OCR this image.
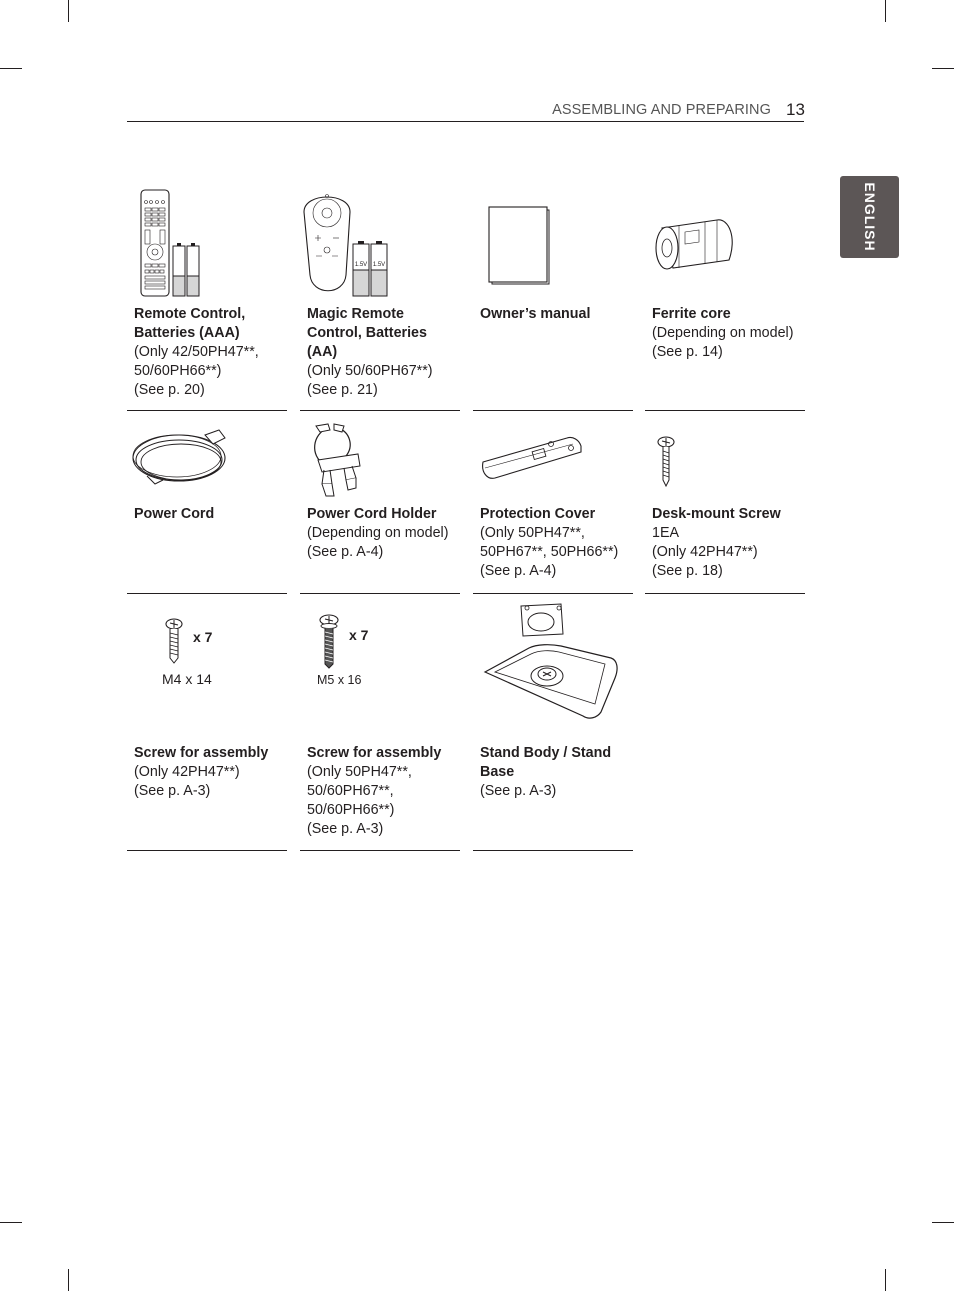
ASSEMBLING AND PREPARING 13
ENGLISH
Remote Control,
Batteries (AAA)
(Only 42/50PH47**,
50/60PH66**)
(See p. 20)
1.5V 1.5V
Magic Remote
Control, Batteries
(AA)
(Only 50/60PH67**)
(See p. 21)
Owner’s manual	Ferrite core
(Depending on model)
(See p. 14)
Power Cord	Power Cord Holder
(Depending on model)
(See p. A-4)
Protection Cover
(Only 50PH47**,
50PH67**, 50PH66**)
(See p. A-4)
Desk-mount Screw
1EA
(Only 42PH47**)
(See p. 18)
x 7
M4 x 14
Screw for assembly
(Only 42PH47**)
(See p. A-3)
x 7
M5 x 16
Screw for assembly
(Only 50PH47**,
50/60PH67**,
50/60PH66**)
(See p. A-3)
Stand Body / Stand
Base
(See p. A-3)
